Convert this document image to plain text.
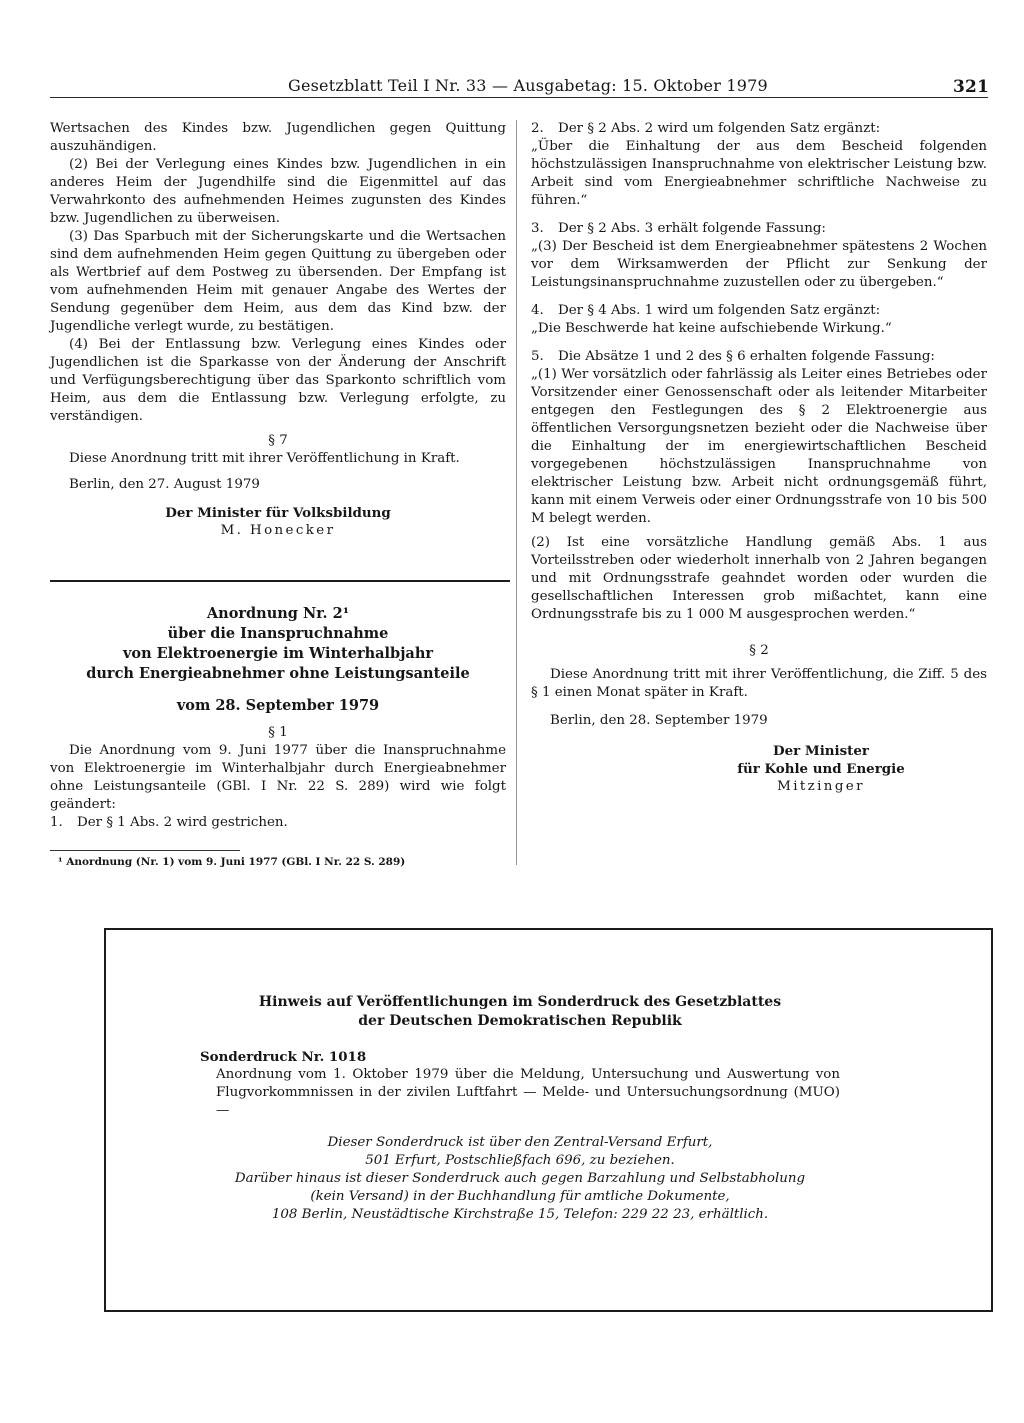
Gesetzblatt Teil I Nr. 33 — Ausgabetag: 15. Oktober 1979	321

Wertsachen des Kindes bzw. Jugendlichen gegen Quittung auszuhändigen.

(2) Bei der Verlegung eines Kindes bzw. Jugendlichen in ein anderes Heim der Jugendhilfe sind die Eigenmittel auf das Verwahrkonto des aufnehmenden Heimes zugunsten des Kindes bzw. Jugendlichen zu überweisen.

(3) Das Sparbuch mit der Sicherungskarte und die Wertsachen sind dem aufnehmenden Heim gegen Quittung zu übergeben oder als Wertbrief auf dem Postweg zu übersenden. Der Empfang ist vom aufnehmenden Heim mit genauer Angabe des Wertes der Sendung gegenüber dem Heim, aus dem das Kind bzw. der Jugendliche verlegt wurde, zu bestätigen.

(4) Bei der Entlassung bzw. Verlegung eines Kindes oder Jugendlichen ist die Sparkasse von der Änderung der Anschrift und Verfügungsberechtigung über das Sparkonto schriftlich vom Heim, aus dem die Entlassung bzw. Verlegung erfolgte, zu verständigen.

§ 7

Diese Anordnung tritt mit ihrer Veröffentlichung in Kraft.

Berlin, den 27. August 1979

Der Minister für Volksbildung

M. Honecker

Anordnung Nr. 2¹
über die Inanspruchnahme
von Elektroenergie im Winterhalbjahr
durch Energieabnehmer ohne Leistungsanteile
vom 28. September 1979

§ 1

Die Anordnung vom 9. Juni 1977 über die Inanspruchnahme von Elektroenergie im Winterhalbjahr durch Energieabnehmer ohne Leistungsanteile (GBl. I Nr. 22 S. 289) wird wie folgt geändert:

1.	Der § 1 Abs. 2 wird gestrichen.
¹ Anordnung (Nr. 1) vom 9. Juni 1977 (GBl. I Nr. 22 S. 289)
2.	Der § 2 Abs. 2 wird um folgenden Satz ergänzt:

„Über die Einhaltung der aus dem Bescheid folgenden höchstzulässigen Inanspruchnahme von elektrischer Leistung bzw. Arbeit sind vom Energieabnehmer schriftliche Nachweise zu führen.“

3.	Der § 2 Abs. 3 erhält folgende Fassung:

„(3) Der Bescheid ist dem Energieabnehmer spätestens 2 Wochen vor dem Wirksamwerden der Pflicht zur Senkung der Leistungsinanspruchnahme zuzustellen oder zu übergeben.“

4.	Der § 4 Abs. 1 wird um folgenden Satz ergänzt:

„Die Beschwerde hat keine aufschiebende Wirkung.“

5.	Die Absätze 1 und 2 des § 6 erhalten folgende Fassung:

„(1) Wer vorsätzlich oder fahrlässig als Leiter eines Betriebes oder Vorsitzender einer Genossenschaft oder als leitender Mitarbeiter entgegen den Festlegungen des § 2 Elektroenergie aus öffentlichen Versorgungsnetzen bezieht oder die Nachweise über die Einhaltung der im energiewirtschaftlichen Bescheid vorgegebenen höchstzulässigen Inanspruchnahme von elektrischer Leistung bzw. Arbeit nicht ordnungsgemäß führt, kann mit einem Verweis oder einer Ordnungsstrafe von 10 bis 500 M belegt werden.

(2) Ist eine vorsätzliche Handlung gemäß Abs. 1 aus Vorteilsstreben oder wiederholt innerhalb von 2 Jahren begangen und mit Ordnungsstrafe geahndet worden oder wurden die gesellschaftlichen Interessen grob mißachtet, kann eine Ordnungsstrafe bis zu 1 000 M ausgesprochen werden.“

§ 2

Diese Anordnung tritt mit ihrer Veröffentlichung, die Ziff. 5 des § 1 einen Monat später in Kraft.

Berlin, den 28. September 1979

Der Minister
für Kohle und Energie
Mitzinger
Hinweis auf Veröffentlichungen im Sonderdruck des Gesetzblattes
der Deutschen Demokratischen Republik
Sonderdruck Nr. 1018

Anordnung vom 1. Oktober 1979 über die Meldung, Untersuchung und Auswertung von Flugvorkommnissen in der zivilen Luftfahrt — Melde- und Untersuchungsordnung (MUO) —

Dieser Sonderdruck ist über den Zentral-Versand Erfurt,
501 Erfurt, Postschließfach 696, zu beziehen.
Darüber hinaus ist dieser Sonderdruck auch gegen Barzahlung und Selbstabholung
(kein Versand) in der Buchhandlung für amtliche Dokumente,
108 Berlin, Neustädtische Kirchstraße 15, Telefon: 229 22 23, erhältlich.
